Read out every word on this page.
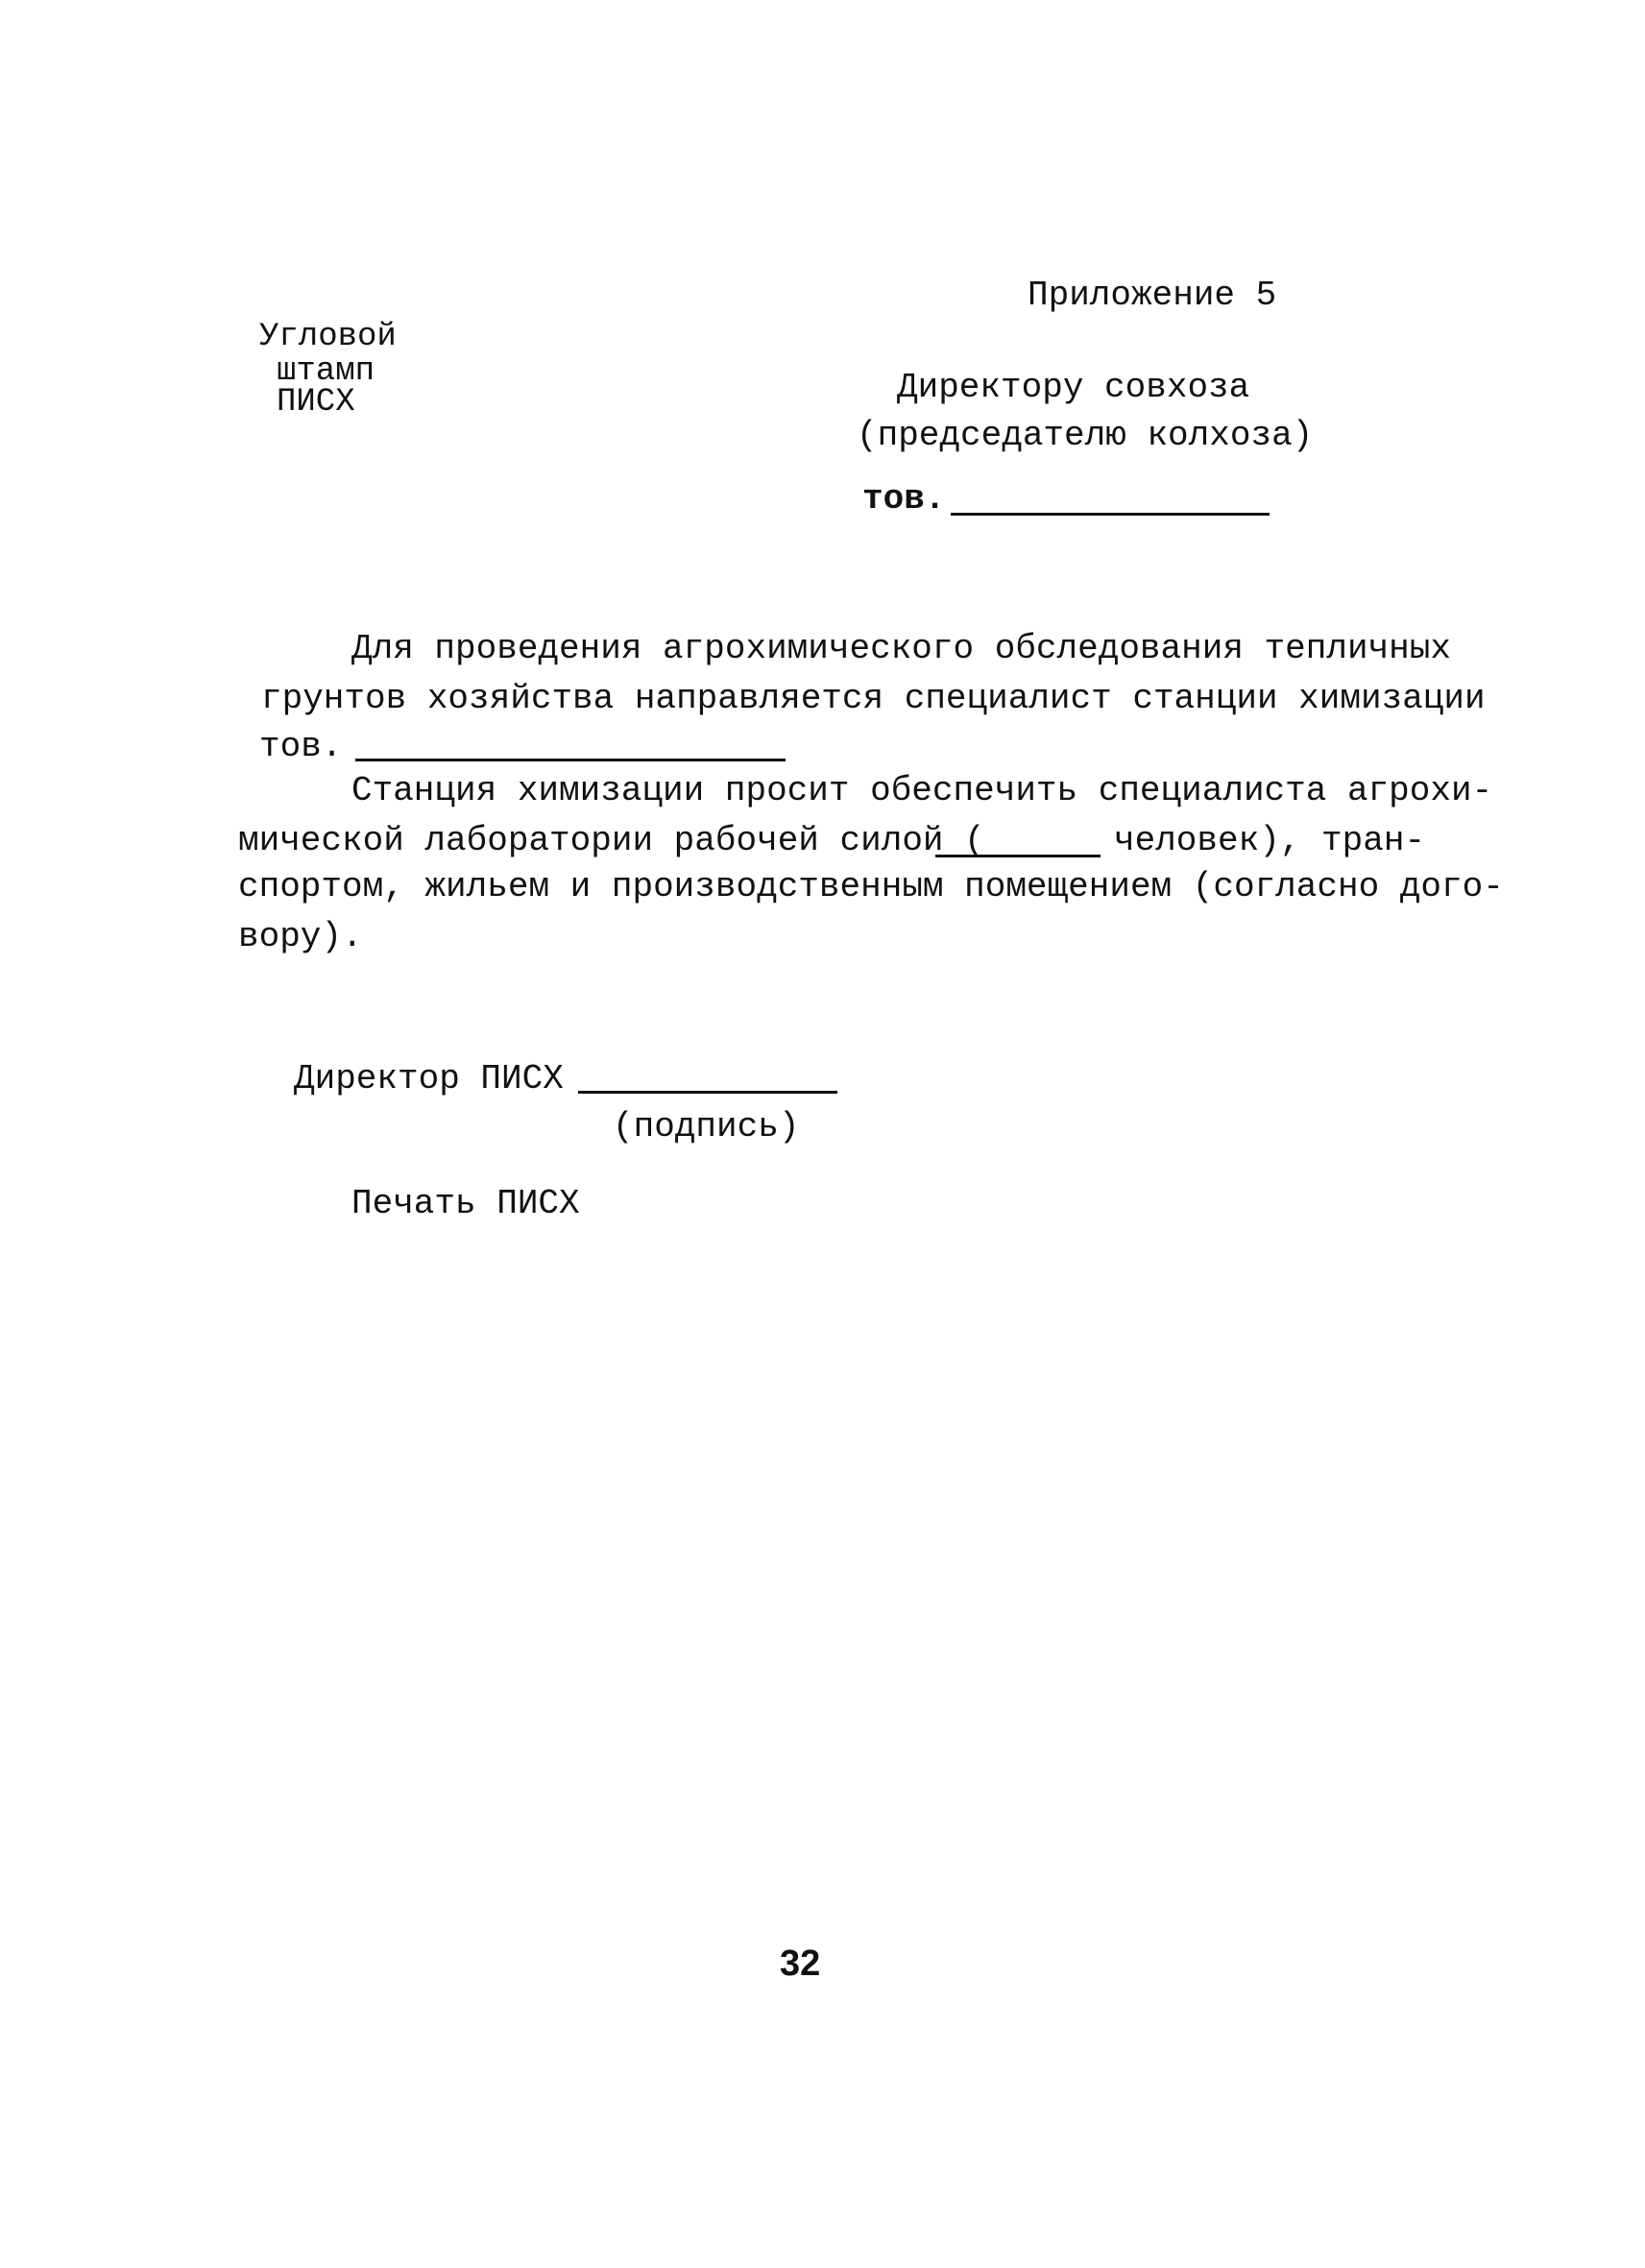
Приложение 5
Угловой
штамп
ПИСХ	Директору совхоза
(председателю колхоза)
тов.
Для проведения агрохимического обследования тепличных
грунтов хозяйства направляется специалист станции химизации
тов.
Станция химизации просит обеспечить специалиста агрохи-
мической лаборатории рабочей силой (	человек), тран-
спортом, жильем и производственным помещением (согласно дого-
вору).
Директор ПИСХ
(подпись)
Печать ПИСХ
32
